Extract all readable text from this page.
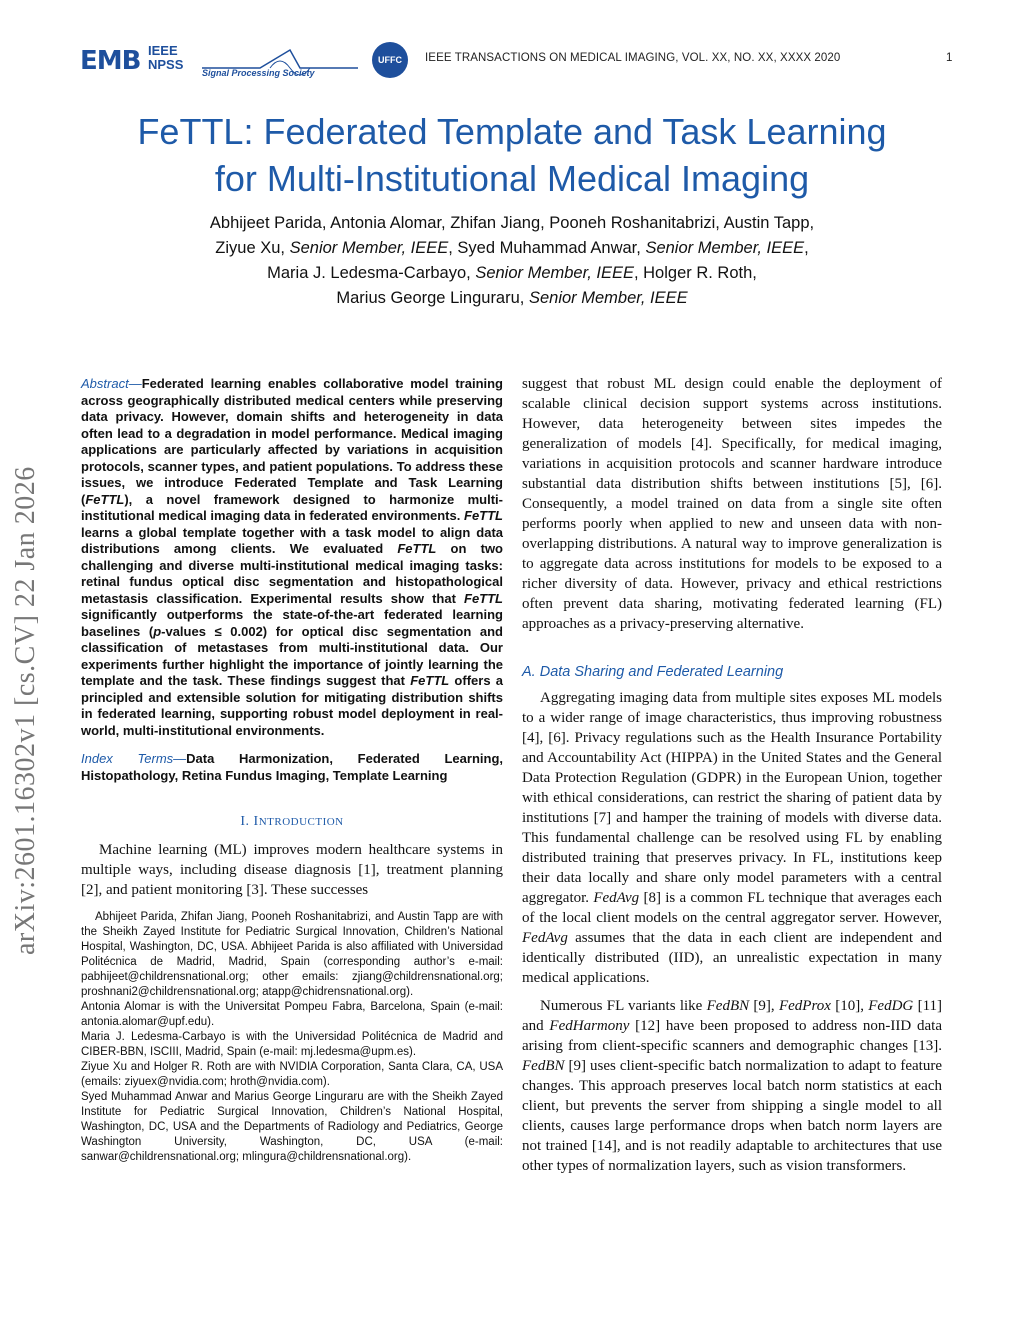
EMB IEEE
NPSS
Signal Processing Society
UFFC	IEEE TRANSACTIONS ON MEDICAL IMAGING, VOL. XX, NO. XX, XXXX 2020	1
FeTTL: Federated Template and Task Learning
for Multi-Institutional Medical Imaging
Abhijeet Parida, Antonia Alomar, Zhifan Jiang, Pooneh Roshanitabrizi, Austin Tapp,
Ziyue Xu, Senior Member, IEEE, Syed Muhammad Anwar, Senior Member, IEEE,
Maria J. Ledesma-Carbayo, Senior Member, IEEE, Holger R. Roth,
Marius George Linguraru, Senior Member, IEEE
arXiv:2601.16302v1 [cs.CV] 22 Jan 2026

Abstract—Federated learning enables collaborative model training across geographically distributed medical centers while preserving data privacy. However, domain shifts and heterogeneity in data often lead to a degradation in model performance. Medical imaging applications are particularly affected by variations in acquisition protocols, scanner types, and patient populations. To address these issues, we introduce Federated Template and Task Learning (FeTTL), a novel framework designed to harmonize multi-institutional medical imaging data in federated environments. FeTTL learns a global template together with a task model to align data distributions among clients. We evaluated FeTTL on two challenging and diverse multi-institutional medical imaging tasks: retinal fundus optical disc segmentation and histopathological metastasis classification. Experimental results show that FeTTL significantly outperforms the state-of-the-art federated learning baselines (p-values ≤ 0.002) for optical disc segmentation and classification of metastases from multi-institutional data. Our experiments further highlight the importance of jointly learning the template and the task. These findings suggest that FeTTL offers a principled and extensible solution for mitigating distribution shifts in federated learning, supporting robust model deployment in real-world, multi-institutional environments.

Index Terms—Data Harmonization, Federated Learning, Histopathology, Retina Fundus Imaging, Template Learning

I. INTRODUCTION

Machine learning (ML) improves modern healthcare systems in multiple ways, including disease diagnosis [1], treatment planning [2], and patient monitoring [3]. These successes

Abhijeet Parida, Zhifan Jiang, Pooneh Roshanitabrizi, and Austin Tapp are with the Sheikh Zayed Institute for Pediatric Surgical Innovation, Children’s National Hospital, Washington, DC, USA. Abhijeet Parida is also affiliated with Universidad Politécnica de Madrid, Madrid, Spain (corresponding author’s e-mail: pabhijeet@childrensnational.org; other emails: zjiang@childrensnational.org; proshnani2@childrensnational.org; atapp@chidrensnational.org).

Antonia Alomar is with the Universitat Pompeu Fabra, Barcelona, Spain (e-mail: antonia.alomar@upf.edu).

Maria J. Ledesma-Carbayo is with the Universidad Politécnica de Madrid and CIBER-BBN, ISCIII, Madrid, Spain (e-mail: mj.ledesma@upm.es).

Ziyue Xu and Holger R. Roth are with NVIDIA Corporation, Santa Clara, CA, USA (emails: ziyuex@nvidia.com; hroth@nvidia.com).

Syed Muhammad Anwar and Marius George Linguraru are with the Sheikh Zayed Institute for Pediatric Surgical Innovation, Children’s National Hospital, Washington, DC, USA and the Departments of Radiology and Pediatrics, George Washington University, Washington, DC, USA (e-mail: sanwar@childrensnational.org; mlingura@childrensnational.org).

suggest that robust ML design could enable the deployment of scalable clinical decision support systems across institutions. However, data heterogeneity between sites impedes the generalization of models [4]. Specifically, for medical imaging, variations in acquisition protocols and scanner hardware introduce substantial data distribution shifts between institutions [5], [6]. Consequently, a model trained on data from a single site often performs poorly when applied to new and unseen data with non-overlapping distributions. A natural way to improve generalization is to aggregate data across institutions for models to be exposed to a richer diversity of data. However, privacy and ethical restrictions often prevent data sharing, motivating federated learning (FL) approaches as a privacy-preserving alternative.

A. Data Sharing and Federated Learning

Aggregating imaging data from multiple sites exposes ML models to a wider range of image characteristics, thus improving robustness [4], [6]. Privacy regulations such as the Health Insurance Portability and Accountability Act (HIPPA) in the United States and the General Data Protection Regulation (GDPR) in the European Union, together with ethical considerations, can restrict the sharing of patient data by institutions [7] and hamper the training of models with diverse data. This fundamental challenge can be resolved using FL by enabling distributed training that preserves privacy. In FL, institutions keep their data locally and share only model parameters with a central aggregator. FedAvg [8] is a common FL technique that averages each of the local client models on the central aggregator server. However, FedAvg assumes that the data in each client are independent and identically distributed (IID), an unrealistic expectation in many medical applications.

Numerous FL variants like FedBN [9], FedProx [10], FedDG [11] and FedHarmony [12] have been proposed to address non-IID data arising from client-specific scanners and demographic changes [13]. FedBN [9] uses client-specific batch normalization to adapt to feature changes. This approach preserves local batch norm statistics at each client, but prevents the server from shipping a single model to all clients, causes large performance drops when batch norm layers are not trained [14], and is not readily adaptable to architectures that use other types of normalization layers, such as vision transformers.
